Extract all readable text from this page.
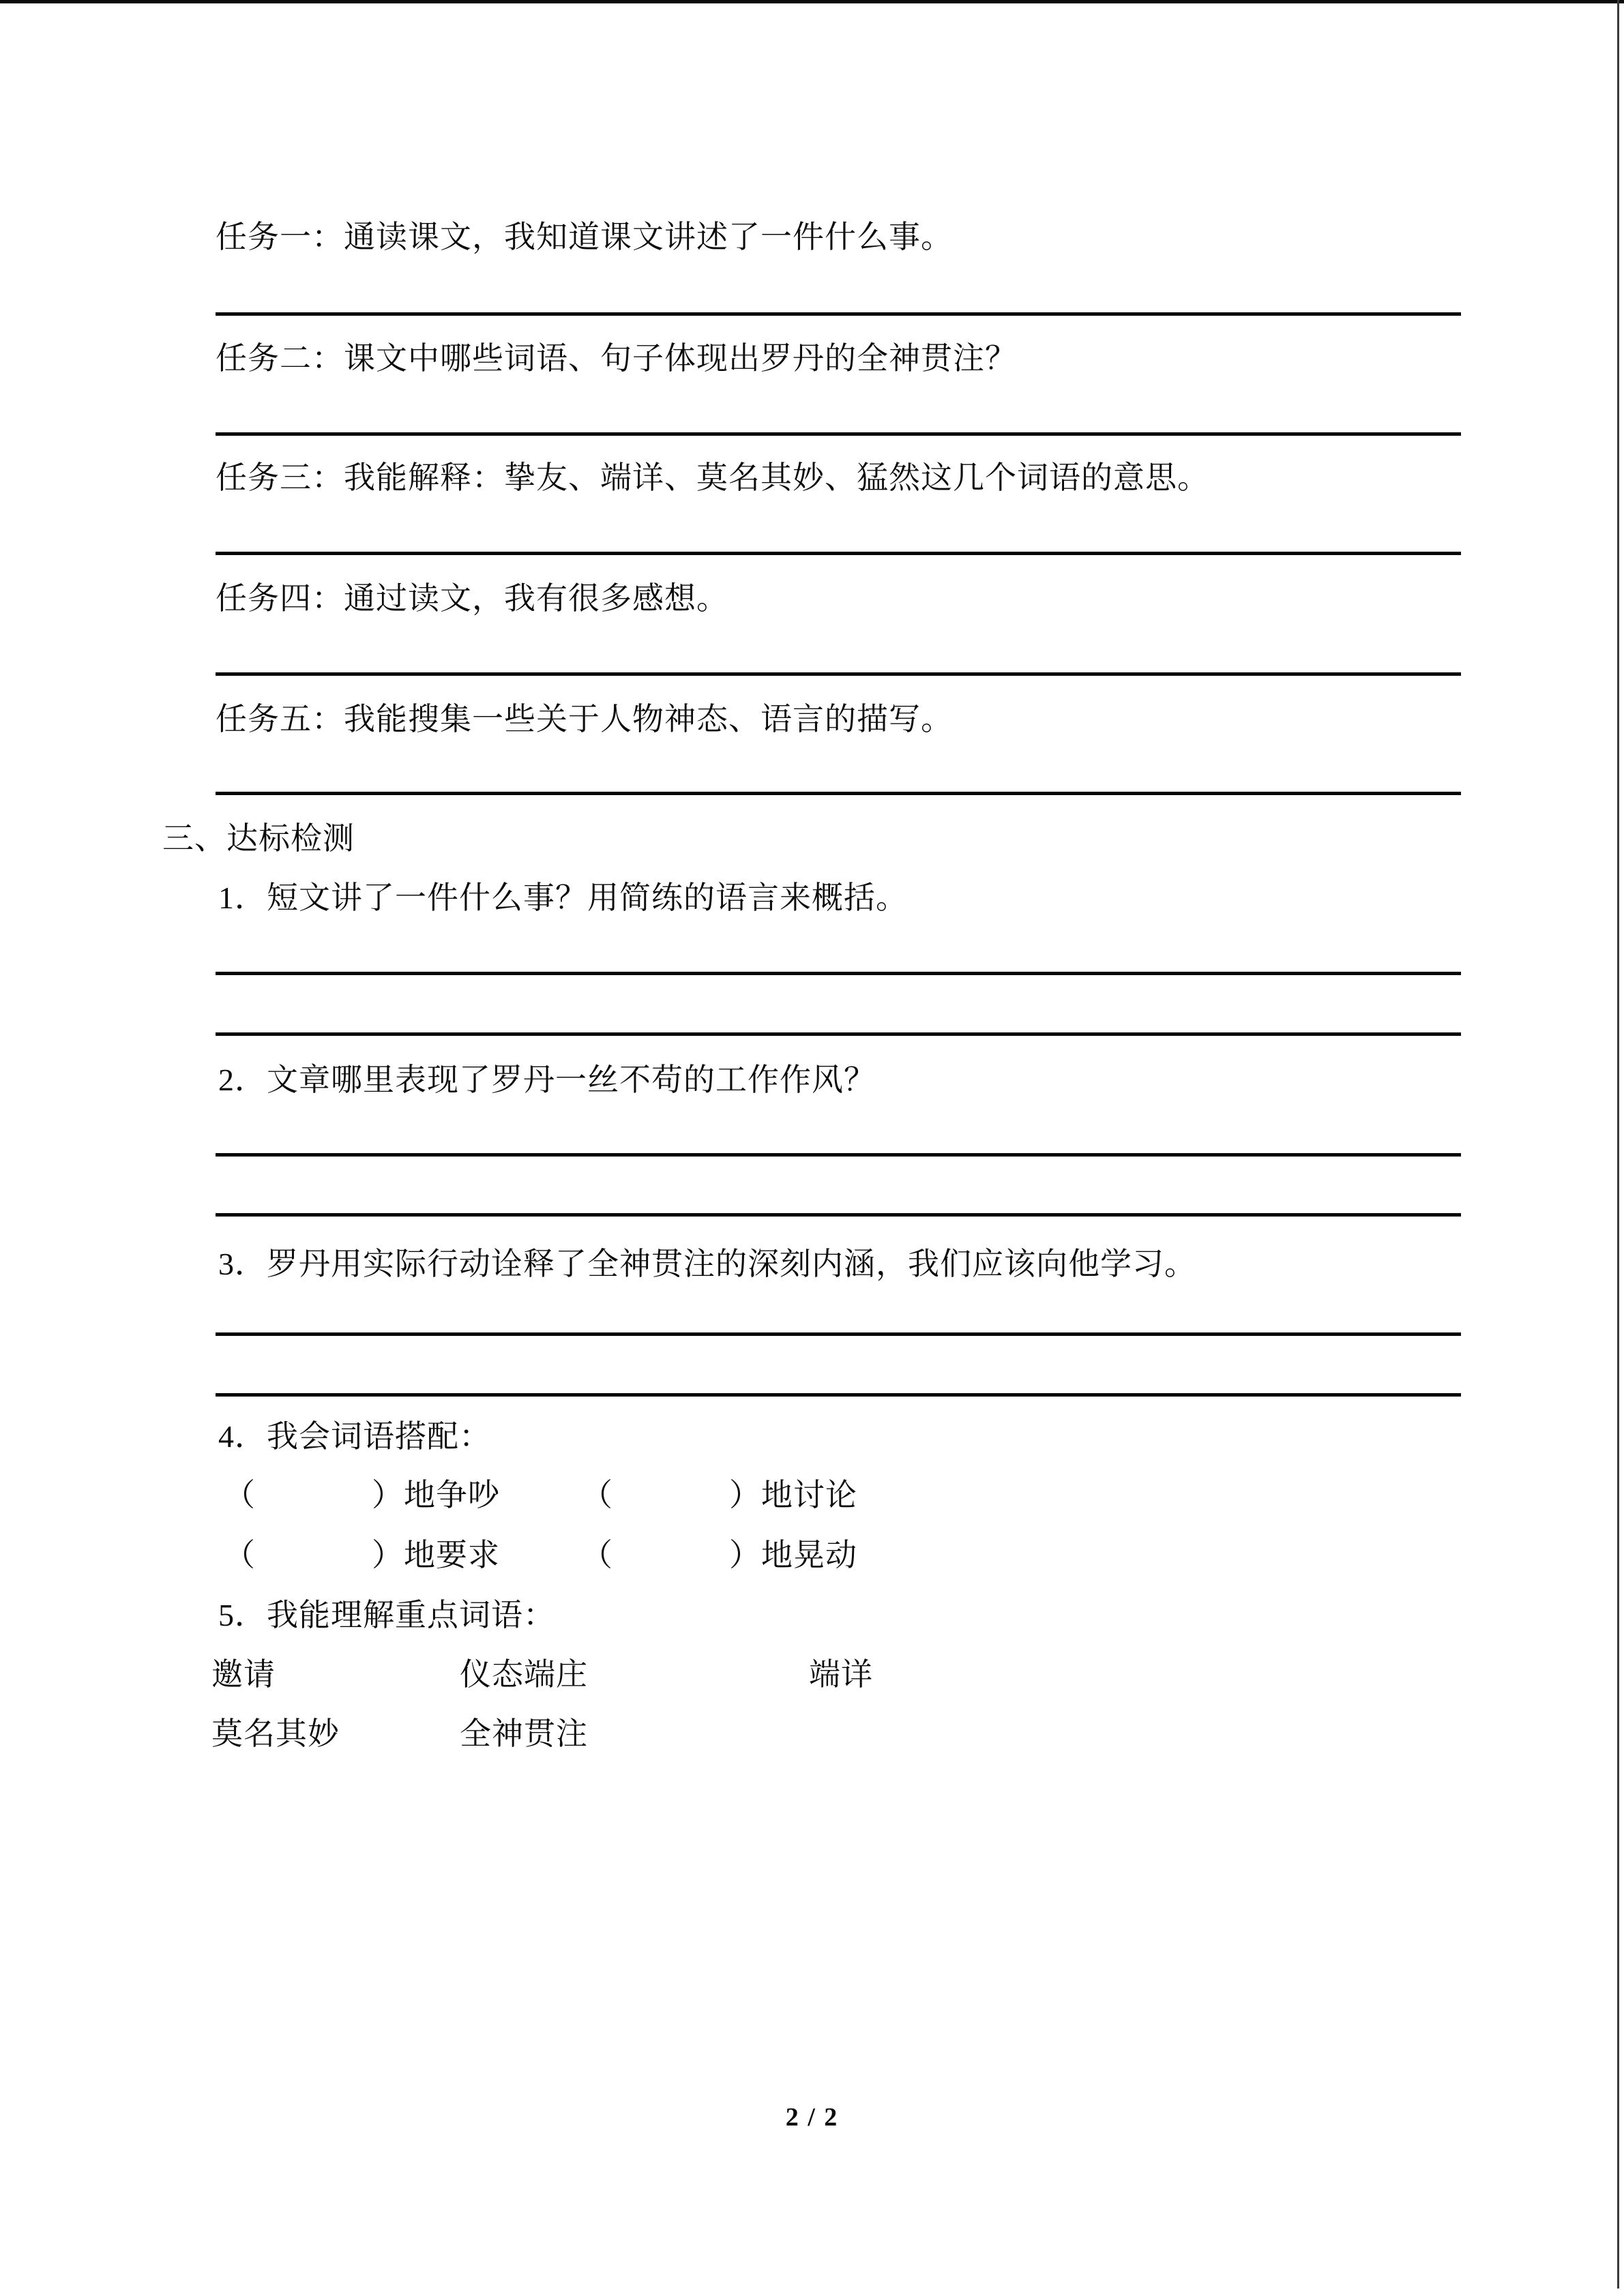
任务一：通读课文，我知道课文讲述了一件什么事。
任务二：课文中哪些词语、句子体现出罗丹的全神贯注？
任务三：我能解释：挚友、端详、莫名其妙、猛然这几个词语的意思。
任务四：通过读文，我有很多感想。
任务五：我能搜集一些关于人物神态、语言的描写。
三、达标检测
1．短文讲了一件什么事？用简练的语言来概括。
2．文章哪里表现了罗丹一丝不苟的工作作风？
3．罗丹用实际行动诠释了全神贯注的深刻内涵，我们应该向他学习。
4．我会词语搭配：
（	）地争吵	（	）地讨论
（	）地要求	（	）地晃动
5．我能理解重点词语：
邀请	仪态端庄	端详
莫名其妙	全神贯注
2 / 2
